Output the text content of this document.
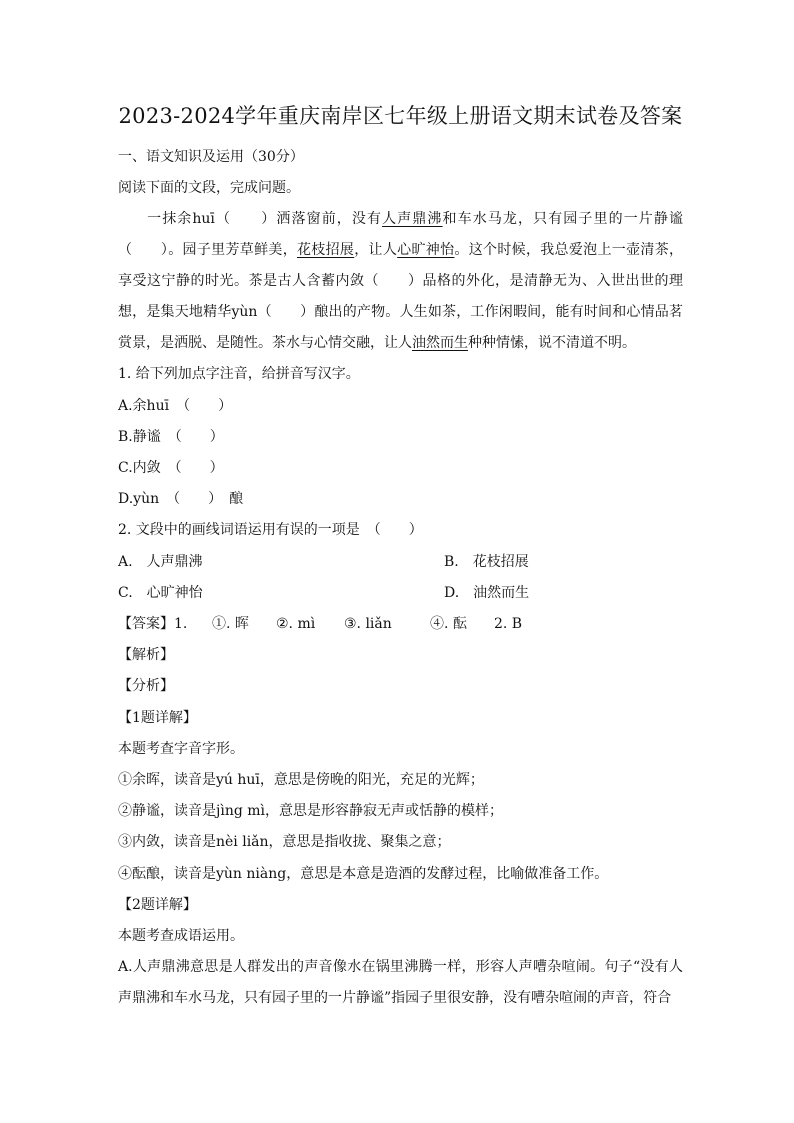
2023-2024学年重庆南岸区七年级上册语文期末试卷及答案
一、语文知识及运用（30分）
阅读下面的文段，完成问题。
一抹余huī（　　）洒落窗前，没有人声鼎沸和车水马龙，只有园子里的一片静谧（　　）。园子里芳草鲜美，花枝招展，让人心旷神怡。这个时候，我总爱泡上一壶清茶，享受这宁静的时光。茶是古人含蓄内敛（　　）品格的外化，是清静无为、入世出世的理想，是集天地精华yùn（　　）酿出的产物。人生如茶，工作闲暇间，能有时间和心情品茗赏景，是洒脱、是随性。茶水与心情交融，让人油然而生种种情愫，说不清道不明。
1. 给下列加点字注音，给拼音写汉字。
A.余huī　（　　）
B.静谧　（　　）
C.内敛　（　　）
D.yùn　（　　）　酿
2. 文段中的画线词语运用有误的一项是　（　　）
A.　人声鼎沸	B.　花枝招展
C.　心旷神怡	D.　油然而生
【答案】1. ①. 晖 ②. mì ③. liǎn	④. 酝 2. B
【解析】
【分析】
【1题详解】
本题考查字音字形。
①余晖，读音是yú huī，意思是傍晚的阳光，充足的光辉；
②静谧，读音是jìng mì，意思是形容静寂无声或恬静的模样；
③内敛，读音是nèi liǎn，意思是指收拢、聚集之意；
④酝酿，读音是yùn niàng，意思是本意是造酒的发酵过程，比喻做准备工作。
【2题详解】
本题考查成语运用。
A.人声鼎沸意思是人群发出的声音像水在锅里沸腾一样，形容人声嘈杂喧闹。句子“没有人声鼎沸和车水马龙，只有园子里的一片静谧”指园子里很安静，没有嘈杂喧闹的声音，符合
